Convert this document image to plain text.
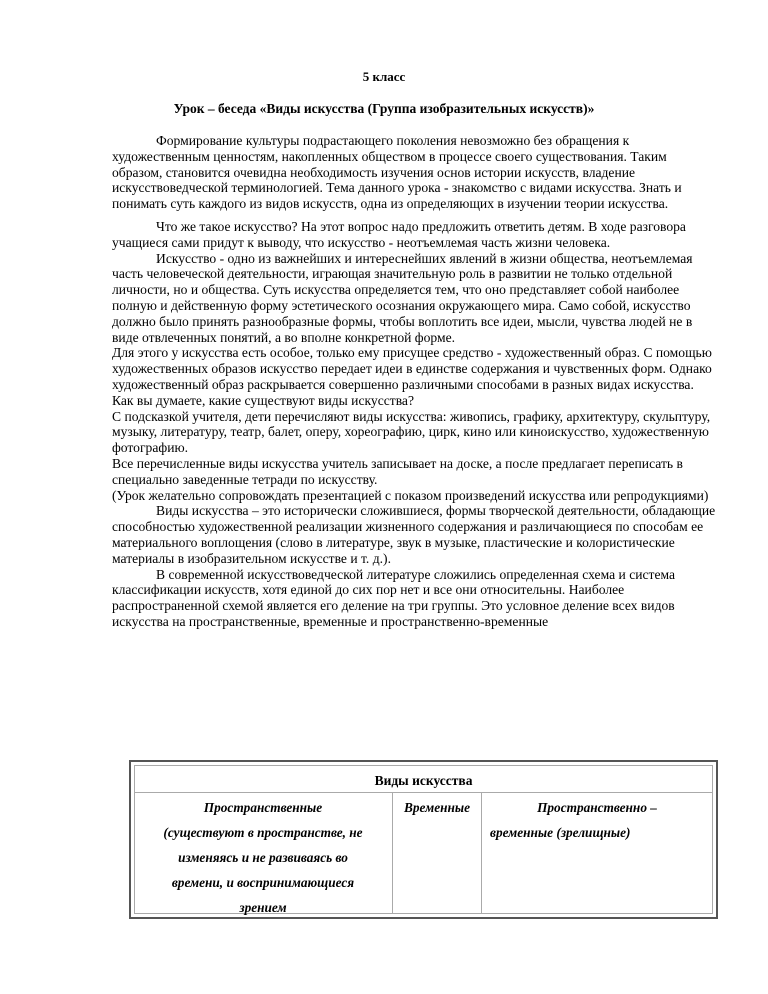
5 класс
Урок – беседа «Виды искусства (Группа изобразительных искусств)»

Формирование культуры подрастающего поколения невозможно без обращения к художественным ценностям, накопленных обществом в процессе своего существования. Таким образом, становится очевидна необходимость изучения основ истории искусств, владение искусствоведческой терминологией. Тема данного урока - знакомство с видами искусства. Знать и понимать суть каждого из видов искусств, одна из определяющих в изучении теории искусства.

Что же такое искусство? На этот вопрос надо предложить ответить детям. В ходе разговора учащиеся сами придут к выводу, что искусство - неотъемлемая часть жизни человека.

Искусство - одно из важнейших и интереснейших явлений в жизни общества, неотъемлемая часть человеческой деятельности, играющая значительную роль в развитии не только отдельной личности, но и общества. Суть искусства определяется тем, что оно представляет собой наиболее полную и действенную форму эстетического осознания окружающего мира. Само собой, искусство должно было принять разнообразные формы, чтобы воплотить все идеи, мысли, чувства людей не в виде отвлеченных понятий, а во вполне конкретной форме.

Для этого у искусства есть особое, только ему присущее средство - художественный образ. С помощью художественных образов искусство передает идеи в единстве содержания и чувственных форм. Однако художественный образ раскрывается совершенно различными способами в разных видах искусства.

Как вы думаете, какие существуют виды искусства?

С подсказкой учителя, дети перечисляют виды искусства: живопись, графику, архитектуру, скульптуру, музыку, литературу, театр, балет, оперу, хореографию, цирк, кино или киноискусство, художественную фотографию.

Все перечисленные виды искусства учитель записывает на доске, а после предлагает переписать в специально заведенные тетради по искусству.

(Урок желательно сопровождать презентацией с показом произведений искусства или репродукциями)

Виды искусства – это исторически сложившиеся, формы творческой деятельности, обладающие способностью художественной реализации жизненного содержания и различающиеся по способам ее материального воплощения (слово в литературе, звук в музыке, пластические и колористические материалы в изобразительном искусстве и т. д.).

В современной искусствоведческой литературе сложились определенная схема и система классификации искусств, хотя единой до сих пор нет и все они относительны. Наиболее распространенной схемой является его деление на три группы. Это условное деление всех видов искусства на пространственные, временные и пространственно-временные

Виды искусства
Пространственные
(существуют в пространстве, не
изменяясь и не развиваясь во
времени, и воспринимающиеся
зрением
Временные	Пространственно –
временные (зрелищные)
